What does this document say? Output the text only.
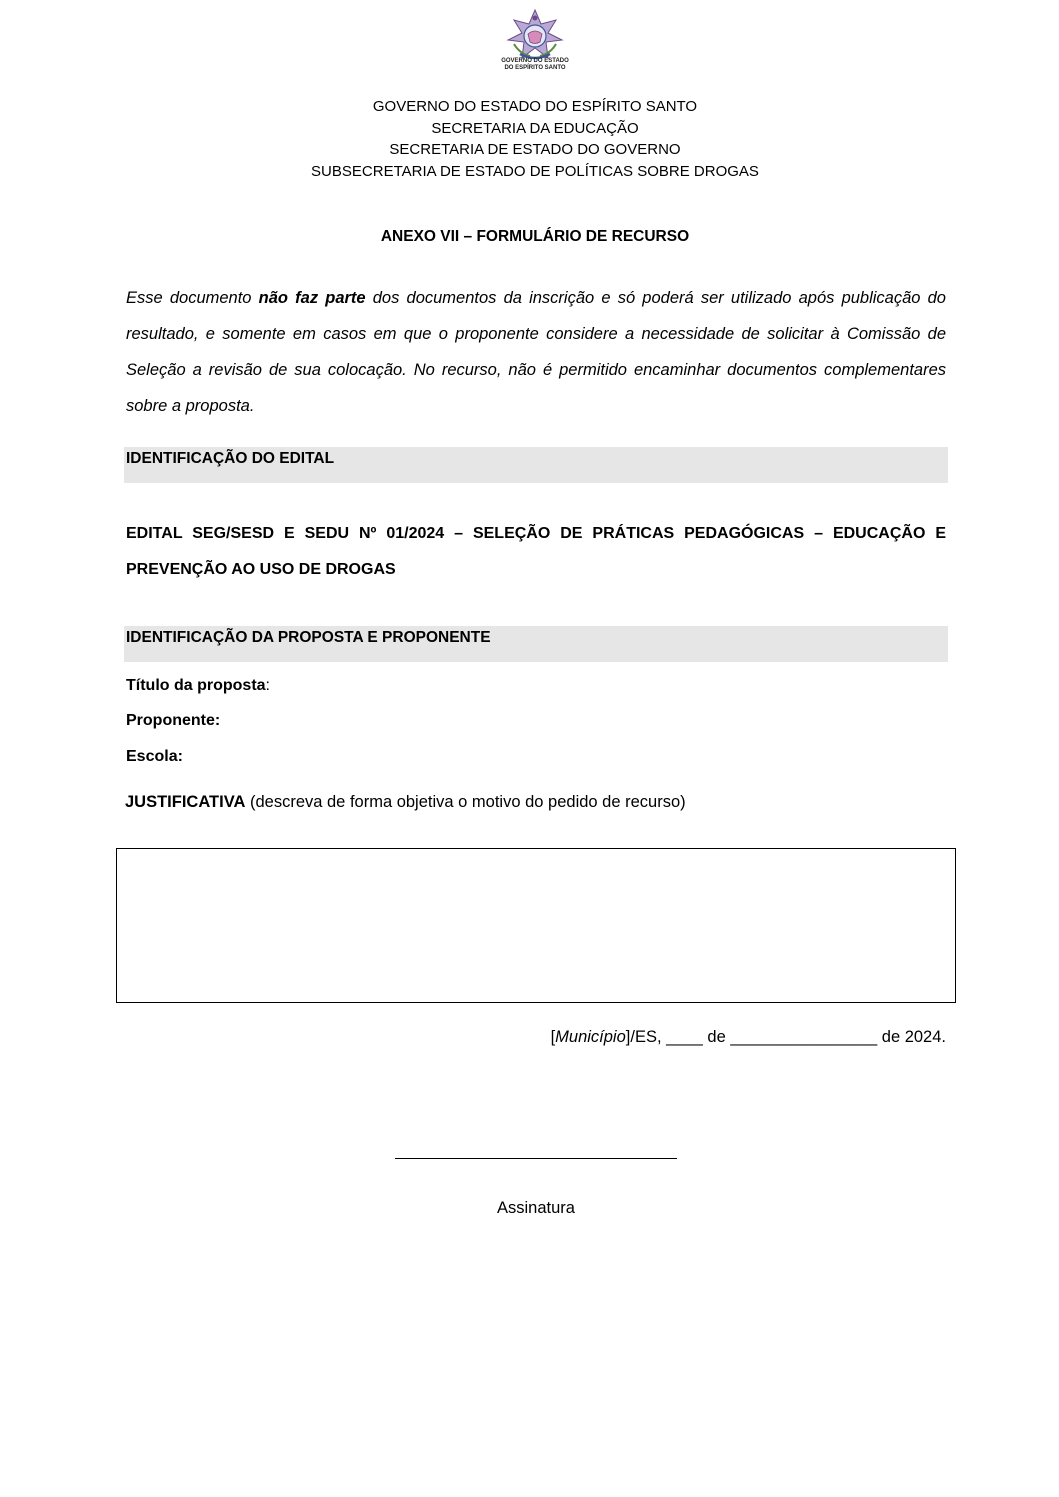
GOVERNO DO ESTADO
DO ESPÍRITO SANTO
GOVERNO DO ESTADO DO ESPÍRITO SANTO
SECRETARIA DA EDUCAÇÃO
SECRETARIA DE ESTADO DO GOVERNO
SUBSECRETARIA DE ESTADO DE POLÍTICAS SOBRE DROGAS
ANEXO VII – FORMULÁRIO DE RECURSO
Esse documento não faz parte dos documentos da inscrição e só poderá ser utilizado após publicação do resultado, e somente em casos em que o proponente considere a necessidade de solicitar à Comissão de Seleção a revisão de sua colocação. No recurso, não é permitido encaminhar documentos complementares sobre a proposta.
IDENTIFICAÇÃO DO EDITAL
EDITAL SEG/SESD E SEDU Nº 01/2024 – SELEÇÃO DE PRÁTICAS PEDAGÓGICAS – EDUCAÇÃO E PREVENÇÃO AO USO DE DROGAS
IDENTIFICAÇÃO DA PROPOSTA E PROPONENTE
Título da proposta:
Proponente:
Escola:
JUSTIFICATIVA (descreva de forma objetiva o motivo do pedido de recurso)
[Município]/ES, ____ de ________________ de 2024.
Assinatura
